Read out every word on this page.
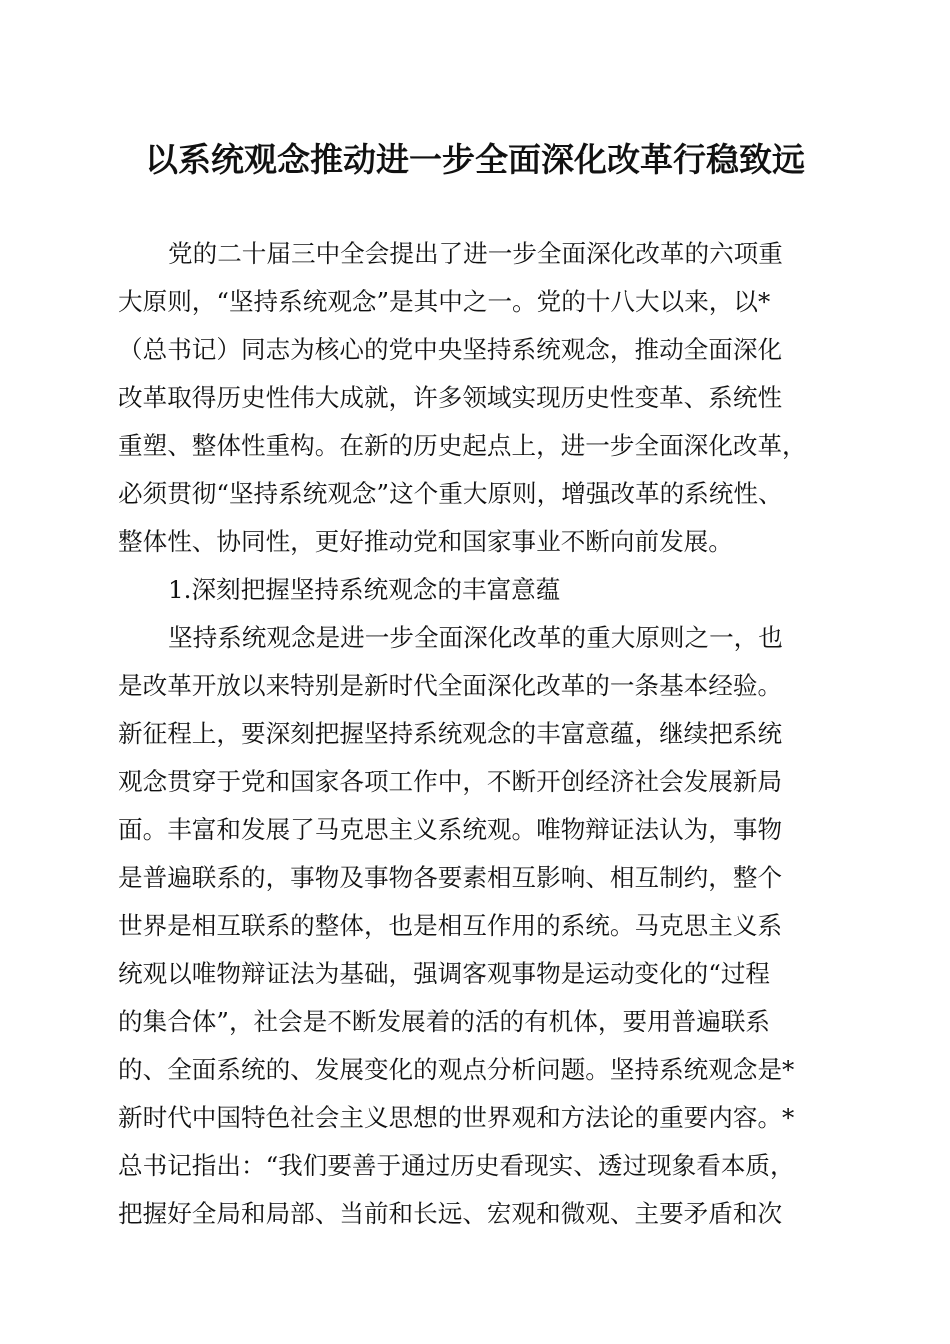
以系统观念推动进一步全面深化改革行稳致远
党的二十届三中全会提出了进一步全面深化改革的六项重
大原则，“坚持系统观念”是其中之一。党的十八大以来，以*
（总书记）同志为核心的党中央坚持系统观念，推动全面深化
改革取得历史性伟大成就，许多领域实现历史性变革、系统性
重塑、整体性重构。在新的历史起点上，进一步全面深化改革，
必须贯彻“坚持系统观念”这个重大原则，增强改革的系统性、
整体性、协同性，更好推动党和国家事业不断向前发展。
1.深刻把握坚持系统观念的丰富意蕴
坚持系统观念是进一步全面深化改革的重大原则之一，也
是改革开放以来特别是新时代全面深化改革的一条基本经验。
新征程上，要深刻把握坚持系统观念的丰富意蕴，继续把系统
观念贯穿于党和国家各项工作中，不断开创经济社会发展新局
面。丰富和发展了马克思主义系统观。唯物辩证法认为，事物
是普遍联系的，事物及事物各要素相互影响、相互制约，整个
世界是相互联系的整体，也是相互作用的系统。马克思主义系
统观以唯物辩证法为基础，强调客观事物是运动变化的“过程
的集合体”，社会是不断发展着的活的有机体，要用普遍联系
的、全面系统的、发展变化的观点分析问题。坚持系统观念是*
新时代中国特色社会主义思想的世界观和方法论的重要内容。*
总书记指出：“我们要善于通过历史看现实、透过现象看本质，
把握好全局和局部、当前和长远、宏观和微观、主要矛盾和次
